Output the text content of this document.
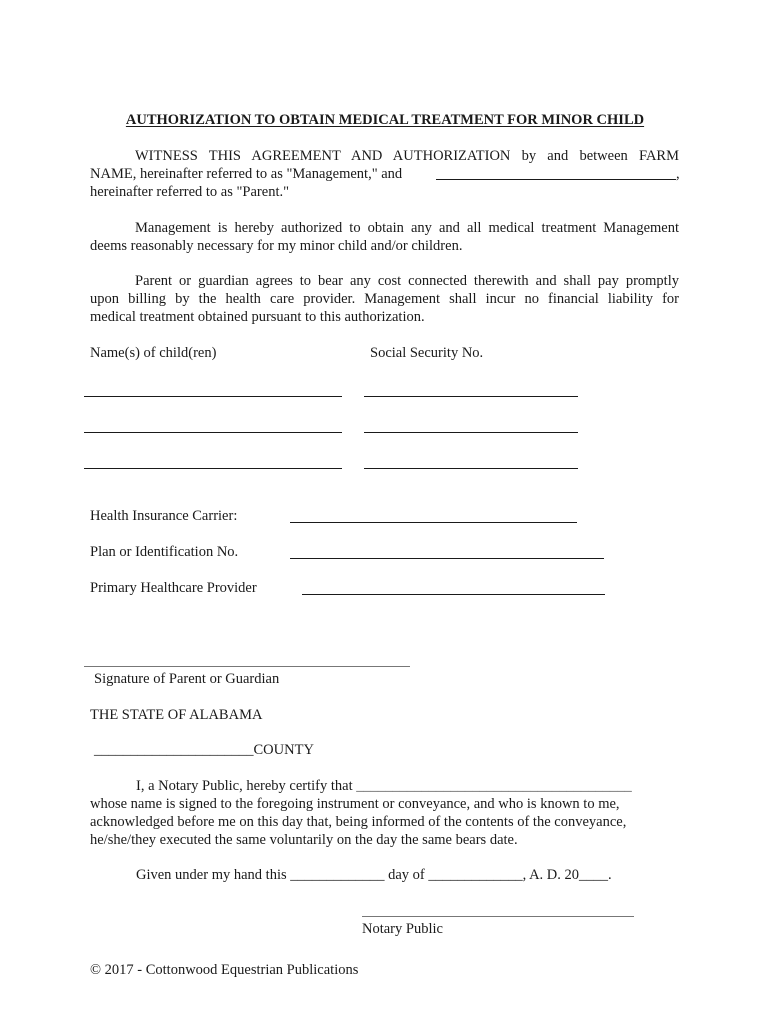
AUTHORIZATION TO OBTAIN MEDICAL TREATMENT FOR MINOR CHILD
WITNESS THIS AGREEMENT AND AUTHORIZATION by and between FARM
NAME, hereinafter referred to as "Management," and	,
hereinafter referred to as "Parent."
Management is hereby authorized to obtain any and all medical treatment Management
deems reasonably necessary for my minor child and/or children.
Parent or guardian agrees to bear any cost connected therewith and shall pay promptly
upon billing by the health care provider. Management shall incur no financial liability for
medical treatment obtained pursuant to this authorization.
Name(s) of child(ren)	Social Security No.
Health Insurance Carrier:
Plan or Identification No.
Primary Healthcare Provider
Signature of Parent or Guardian
THE STATE OF ALABAMA
______________________COUNTY
I, a Notary Public, hereby certify that ______________________________________
whose name is signed to the foregoing instrument or conveyance, and who is known to me,
acknowledged before me on this day that, being informed of the contents of the conveyance,
he/she/they executed the same voluntarily on the day the same bears date.
Given under my hand this _____________ day of _____________, A. D. 20____.
Notary Public
© 2017 - Cottonwood Equestrian Publications
